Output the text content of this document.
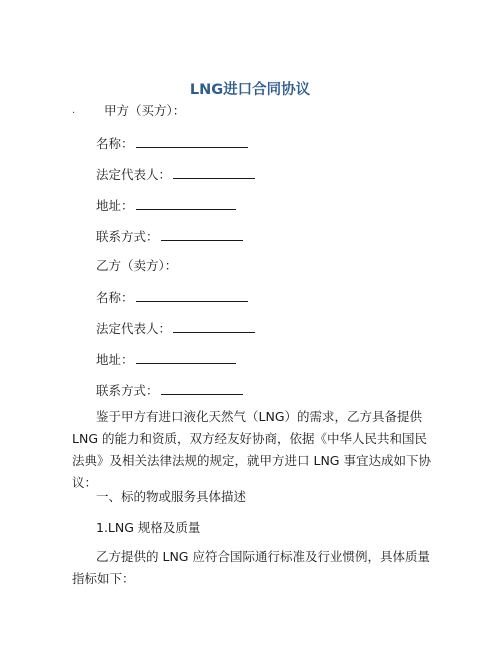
LNG进口合同协议
· 甲方（买方）：
名称：
法定代表人：
地址：
联系方式：
乙方（卖方）：
名称：
法定代表人：
地址：
联系方式：
鉴于甲方有进口液化天然气（LNG）的需求，乙方具备提供 LNG 的能力和资质，双方经友好协商，依据《中华人民共和国民法典》及相关法律法规的规定，就甲方进口 LNG 事宜达成如下协议：
一、标的物或服务具体描述
1.LNG 规格及质量
乙方提供的 LNG 应符合国际通行标准及行业惯例，具体质量指标如下：
